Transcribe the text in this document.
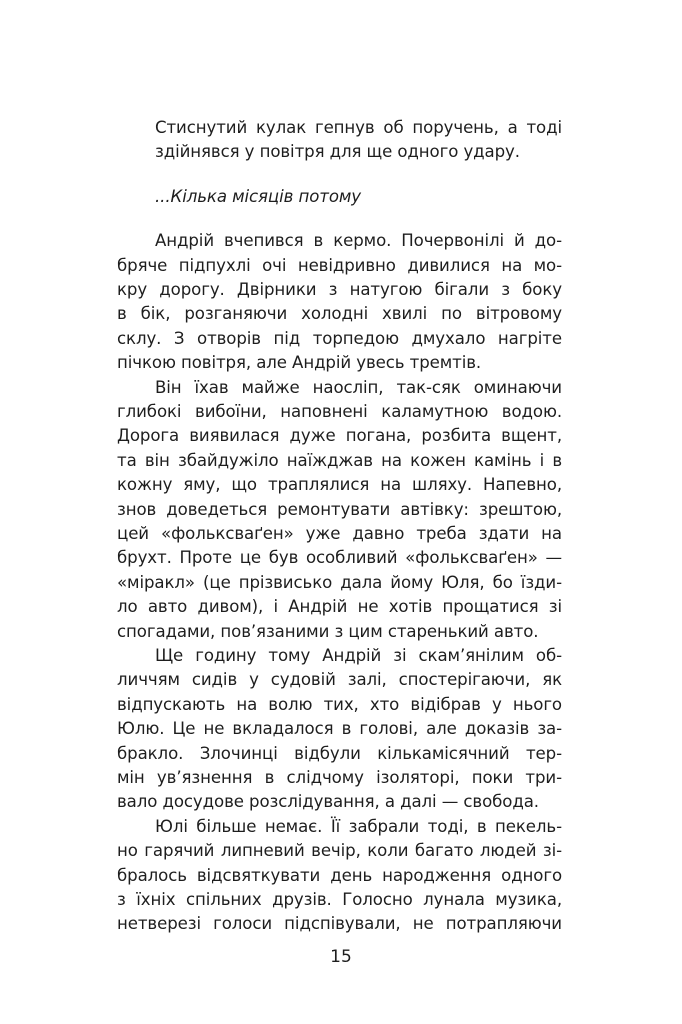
Стиснутий кулак гепнув об поручень, а тоді
здійнявся у повітря для ще одного удару.
...Кілька місяців потому
Андрій вчепився в кермо. Почервонілі й до-
бряче підпухлі очі невідривно дивилися на мо-
кру дорогу. Двірники з натугою бігали з боку
в бік, розганяючи холодні хвилі по вітровому
склу. З отворів під торпедою дмухало нагріте
пічкою повітря, але Андрій увесь тремтів.
Він їхав майже наосліп, так-сяк оминаючи
глибокі вибоїни, наповнені каламутною водою.
Дорога виявилася дуже погана, розбита вщент,
та він збайдужіло наїжджав на кожен камінь і в
кожну яму, що траплялися на шляху. Напевно,
знов доведеться ремонтувати автівку: зрештою,
цей «фольксваґен» уже давно треба здати на
брухт. Проте це був особливий «фольксваґен» —
«мiракл» (це прізвисько дала йому Юля, бо їзди-
ло авто дивом), і Андрій не хотів прощатися зі
спогадами, пов’язаними з цим старенький авто.
Ще годину тому Андрій зі скам’янілим об-
личчям сидів у судовій залі, спостерігаючи, як
відпускають на волю тих, хто відібрав у нього
Юлю. Це не вкладалося в голові, але доказів за-
бракло. Злочинці відбули кількамісячний тер-
мін ув’язнення в слідчому ізоляторі, поки три-
вало досудове розслідування, а далі — свобода.
Юлі більше немає. Її забрали тоді, в пекель-
но гарячий липневий вечір, коли багато людей зі-
бралось відсвяткувати день народження одного
з їхніх спільних друзів. Голосно лунала музика,
нетверезі голоси підспівували, не потрапляючи
15
